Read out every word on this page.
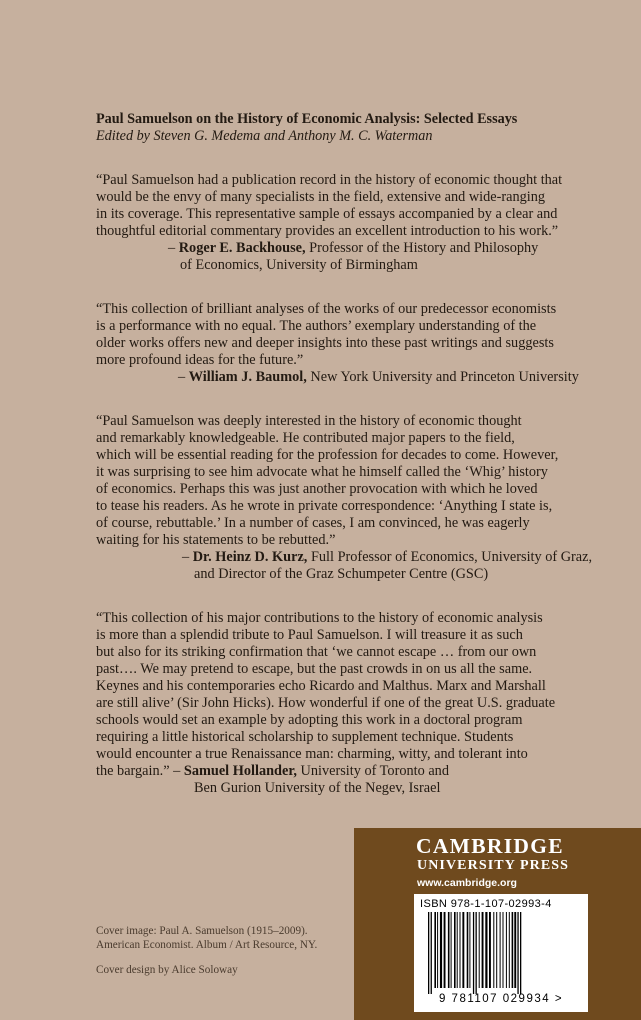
Paul Samuelson on the History of Economic Analysis: Selected Essays

Edited by Steven G. Medema and Anthony M. C. Waterman

“Paul Samuelson had a publication record in the history of economic thought that

would be the envy of many specialists in the field, extensive and wide-ranging

in its coverage. This representative sample of essays accompanied by a clear and

thoughtful editorial commentary provides an excellent introduction to his work.”

– Roger E. Backhouse, Professor of the History and Philosophy
of Economics, University of Birmingham

“This collection of brilliant analyses of the works of our predecessor economists

is a performance with no equal. The authors’ exemplary understanding of the

older works offers new and deeper insights into these past writings and suggests

more profound ideas for the future.”

– William J. Baumol, New York University and Princeton University

“Paul Samuelson was deeply interested in the history of economic thought

and remarkably knowledgeable. He contributed major papers to the field,

which will be essential reading for the profession for decades to come. However,

it was surprising to see him advocate what he himself called the ‘Whig’ history

of economics. Perhaps this was just another provocation with which he loved

to tease his readers. As he wrote in private correspondence: ‘Anything I state is,

of course, rebuttable.’ In a number of cases, I am convinced, he was eagerly

waiting for his statements to be rebutted.”

– Dr. Heinz D. Kurz, Full Professor of Economics, University of Graz,
and Director of the Graz Schumpeter Centre (GSC)

“This collection of his major contributions to the history of economic analysis

is more than a splendid tribute to Paul Samuelson. I will treasure it as such

but also for its striking confirmation that ‘we cannot escape … from our own

past…. We may pretend to escape, but the past crowds in on us all the same.

Keynes and his contemporaries echo Ricardo and Malthus. Marx and Marshall

are still alive’ (Sir John Hicks). How wonderful if one of the great U.S. graduate

schools would set an example by adopting this work in a doctoral program

requiring a little historical scholarship to supplement technique. Students

would encounter a true Renaissance man: charming, witty, and tolerant into

the bargain.” – Samuel Hollander, University of Toronto and
Ben Gurion University of the Negev, Israel

Cover image: Paul A. Samuelson (1915–2009).

American Economist. Album / Art Resource, NY.

Cover design by Alice Soloway

CAMBRIDGE
UNIVERSITY PRESS
www.cambridge.org
ISBN 978-1-107-02993-4
9 781107 029934 >
